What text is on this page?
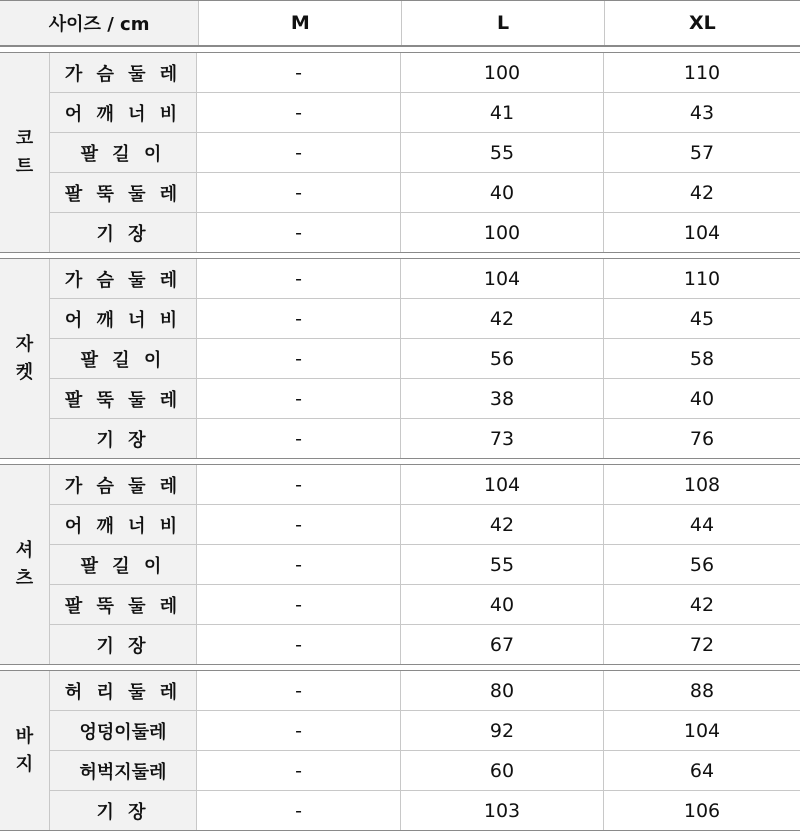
사이즈 / cm	M	L	XL
코트
가 슴 둘 레	-	100	110
어 깨 너 비	-	41	43
팔 길 이	-	55	57
팔 뚝 둘 레	-	40	42
기 장	-	100	104
자켓
가 슴 둘 레	-	104	110
어 깨 너 비	-	42	45
팔 길 이	-	56	58
팔 뚝 둘 레	-	38	40
기 장	-	73	76
셔츠
가 슴 둘 레	-	104	108
어 깨 너 비	-	42	44
팔 길 이	-	55	56
팔 뚝 둘 레	-	40	42
기 장	-	67	72
바지
허 리 둘 레	-	80	88
엉덩이둘레	-	92	104
허벅지둘레	-	60	64
기 장	-	103	106
